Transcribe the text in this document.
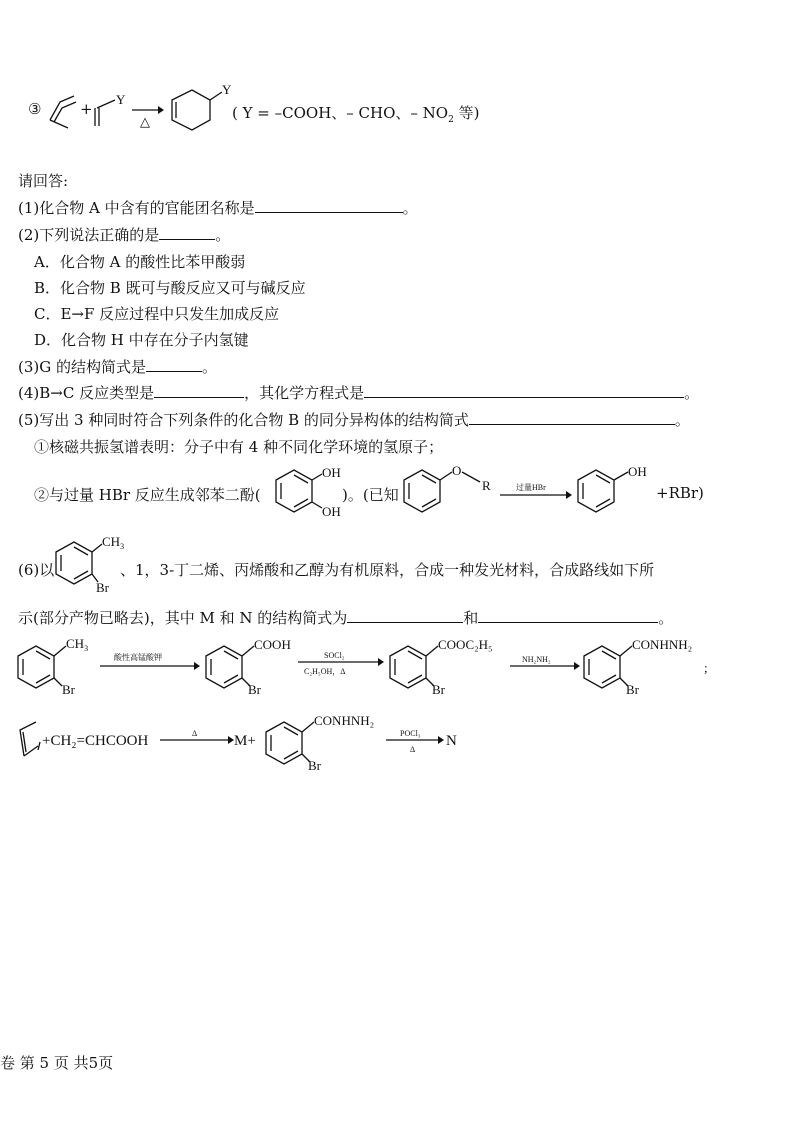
③	+
Y
△
Y
( Y = –COOH、– CHO、– $NO_2$ 等)
请回答:
(1)化合物 A 中含有的官能团名称是	。
(2)下列说法正确的是	。
A．化合物 A 的酸性比苯甲酸弱
B．化合物 B 既可与酸反应又可与碱反应
C．E→F 反应过程中只发生加成反应
D．化合物 H 中存在分子内氢键
(3)G 的结构简式是	。
(4)B→C 反应类型是	，其化学方程式是	。
(5)写出 3 种同时符合下列条件的化合物 B 的同分异构体的结构简式	。
①核磁共振氢谱表明：分子中有 4 种不同化学环境的氢原子；
②与过量 HBr 反应生成邻苯二酚(
OH
OH
)。(已知
O
R	过量HBr
OH
+RBr)
(6)以
$CH_3$
Br
、1，3-丁二烯、丙烯酸和乙醇为有机原料，合成一种发光材料，合成路线如下所
示(部分产物已略去)，其中 M 和 N 的结构简式为	和	。
$CH_3$
Br
酸性高锰酸钾
COOH
Br
SOCl₂
C₂H₅OH，Δ
COOC₂H₅
Br
NH₂NH₂
CONHNH₂
Br
;
+CH₂=CHCOOH	Δ M+
CONHNH₂
Br
POCl₃
Δ
N
卷 第 5 页 共5页
